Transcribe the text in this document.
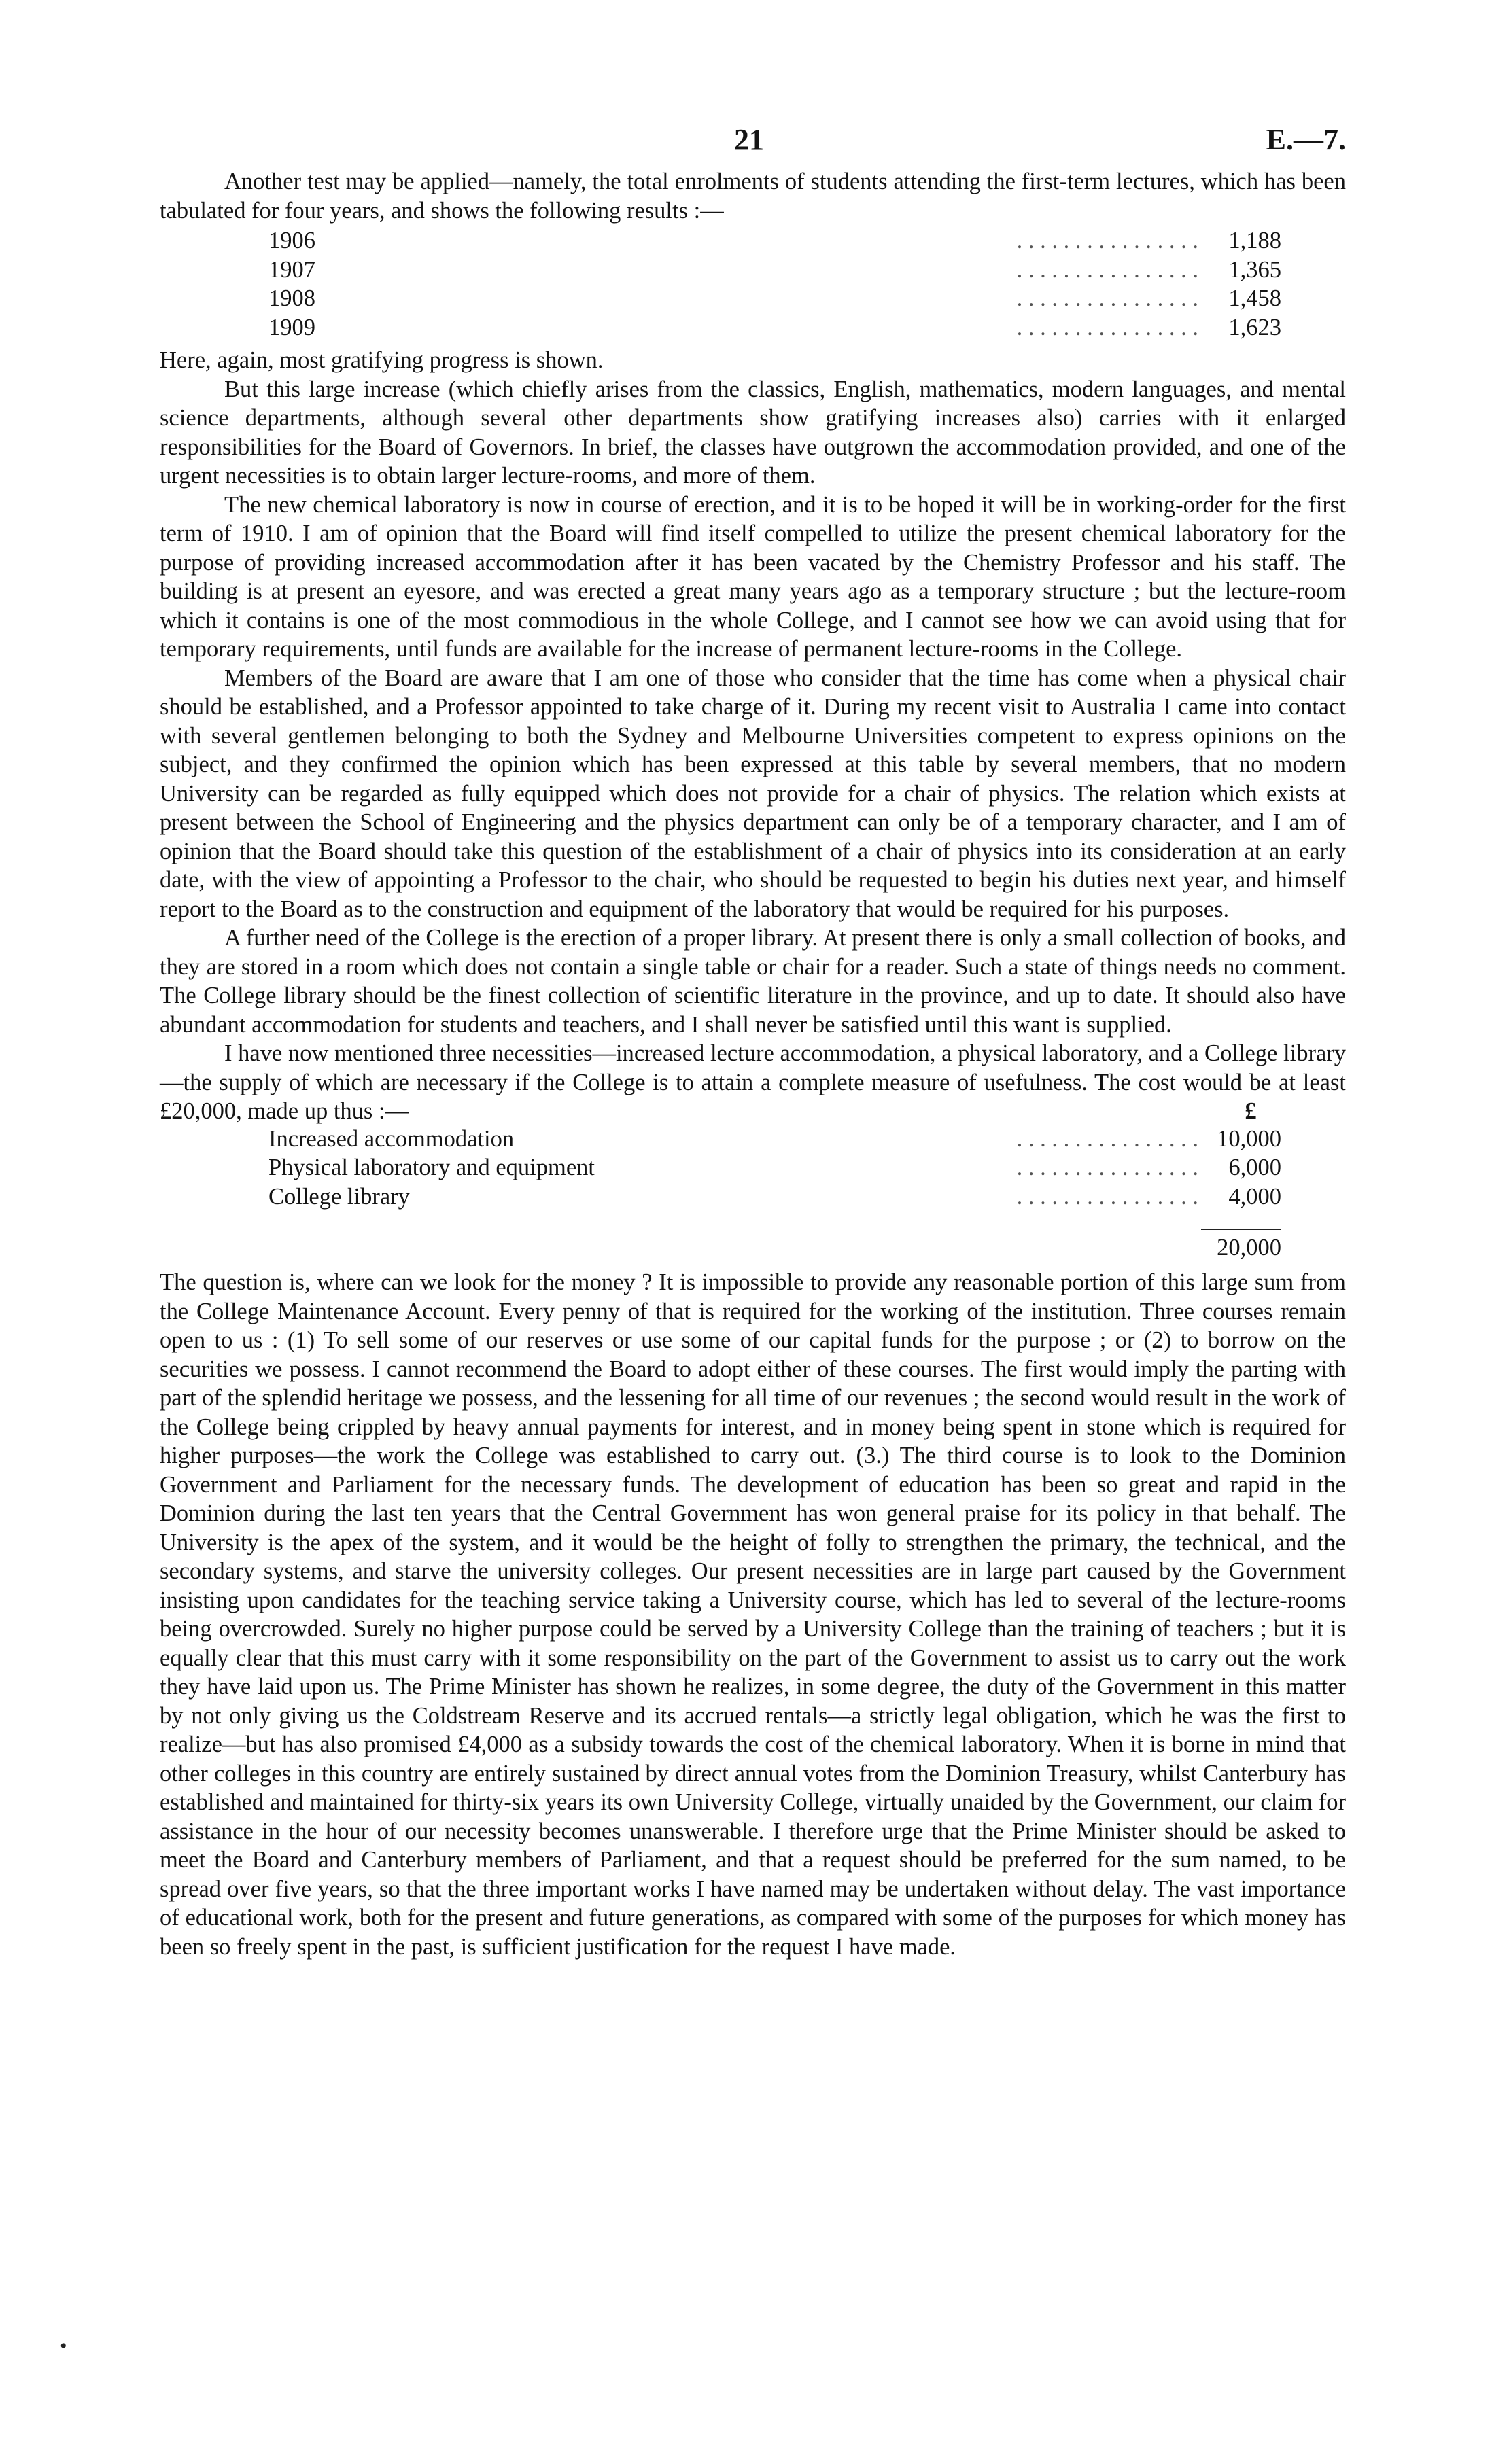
21	E.—7.

Another test may be applied—namely, the total enrolments of students attending the first-term lectures, which has been tabulated for four years, and shows the following results :—

1906	. . . . . . . . . . . . . . . .	1,188
1907	. . . . . . . . . . . . . . . .	1,365
1908	. . . . . . . . . . . . . . . .	1,458
1909	. . . . . . . . . . . . . . . .	1,623

Here, again, most gratifying progress is shown.

But this large increase (which chiefly arises from the classics, English, mathematics, modern languages, and mental science departments, although several other departments show gratifying increases also) carries with it enlarged responsibilities for the Board of Governors. In brief, the classes have outgrown the accommodation provided, and one of the urgent necessities is to obtain larger lecture-rooms, and more of them.

The new chemical laboratory is now in course of erection, and it is to be hoped it will be in working-order for the first term of 1910. I am of opinion that the Board will find itself compelled to utilize the present chemical laboratory for the purpose of providing increased accommodation after it has been vacated by the Chemistry Professor and his staff. The building is at present an eyesore, and was erected a great many years ago as a temporary structure ; but the lecture-room which it contains is one of the most commodious in the whole College, and I cannot see how we can avoid using that for temporary requirements, until funds are available for the increase of permanent lecture-rooms in the College.

Members of the Board are aware that I am one of those who consider that the time has come when a physical chair should be established, and a Professor appointed to take charge of it. During my recent visit to Australia I came into contact with several gentlemen belonging to both the Sydney and Melbourne Universities competent to express opinions on the subject, and they confirmed the opinion which has been expressed at this table by several members, that no modern University can be regarded as fully equipped which does not provide for a chair of physics. The relation which exists at present between the School of Engineering and the physics department can only be of a temporary character, and I am of opinion that the Board should take this question of the establishment of a chair of physics into its consideration at an early date, with the view of appointing a Professor to the chair, who should be requested to begin his duties next year, and himself report to the Board as to the construction and equipment of the laboratory that would be required for his purposes.

A further need of the College is the erection of a proper library. At present there is only a small collection of books, and they are stored in a room which does not contain a single table or chair for a reader. Such a state of things needs no comment. The College library should be the finest collection of scientific literature in the province, and up to date. It should also have abundant accommodation for students and teachers, and I shall never be satisfied until this want is supplied.

I have now mentioned three necessities—increased lecture accommodation, a physical laboratory, and a College library—the supply of which are necessary if the College is to attain a complete measure of usefulness. The cost would be at least £20,000, made up thus :—	£
Increased accommodation	. . . . . . . . . . . . . . . . 10,000
Physical laboratory and equipment	. . . . . . . . . . . . . . . .	6,000
College library	. . . . . . . . . . . . . . . .	4,000
20,000

The question is, where can we look for the money ? It is impossible to provide any reasonable portion of this large sum from the College Maintenance Account. Every penny of that is required for the working of the institution. Three courses remain open to us : (1) To sell some of our reserves or use some of our capital funds for the purpose ; or (2) to borrow on the securities we possess. I cannot recommend the Board to adopt either of these courses. The first would imply the parting with part of the splendid heritage we possess, and the lessening for all time of our revenues ; the second would result in the work of the College being crippled by heavy annual payments for interest, and in money being spent in stone which is required for higher purposes—the work the College was established to carry out. (3.) The third course is to look to the Dominion Government and Parliament for the necessary funds. The development of education has been so great and rapid in the Dominion during the last ten years that the Central Government has won general praise for its policy in that behalf. The University is the apex of the system, and it would be the height of folly to strengthen the primary, the technical, and the secondary systems, and starve the university colleges. Our present necessities are in large part caused by the Government insisting upon candidates for the teaching service taking a University course, which has led to several of the lecture-rooms being overcrowded. Surely no higher purpose could be served by a University College than the training of teachers ; but it is equally clear that this must carry with it some responsibility on the part of the Government to assist us to carry out the work they have laid upon us. The Prime Minister has shown he realizes, in some degree, the duty of the Government in this matter by not only giving us the Coldstream Reserve and its accrued rentals—a strictly legal obligation, which he was the first to realize—but has also promised £4,000 as a subsidy towards the cost of the chemical laboratory. When it is borne in mind that other colleges in this country are entirely sustained by direct annual votes from the Dominion Treasury, whilst Canterbury has established and maintained for thirty-six years its own University College, virtually unaided by the Government, our claim for assistance in the hour of our necessity becomes unanswerable. I therefore urge that the Prime Minister should be asked to meet the Board and Canterbury members of Parliament, and that a request should be preferred for the sum named, to be spread over five years, so that the three important works I have named may be undertaken without delay. The vast importance of educational work, both for the present and future generations, as compared with some of the purposes for which money has been so freely spent in the past, is sufficient justification for the request I have made.

•
